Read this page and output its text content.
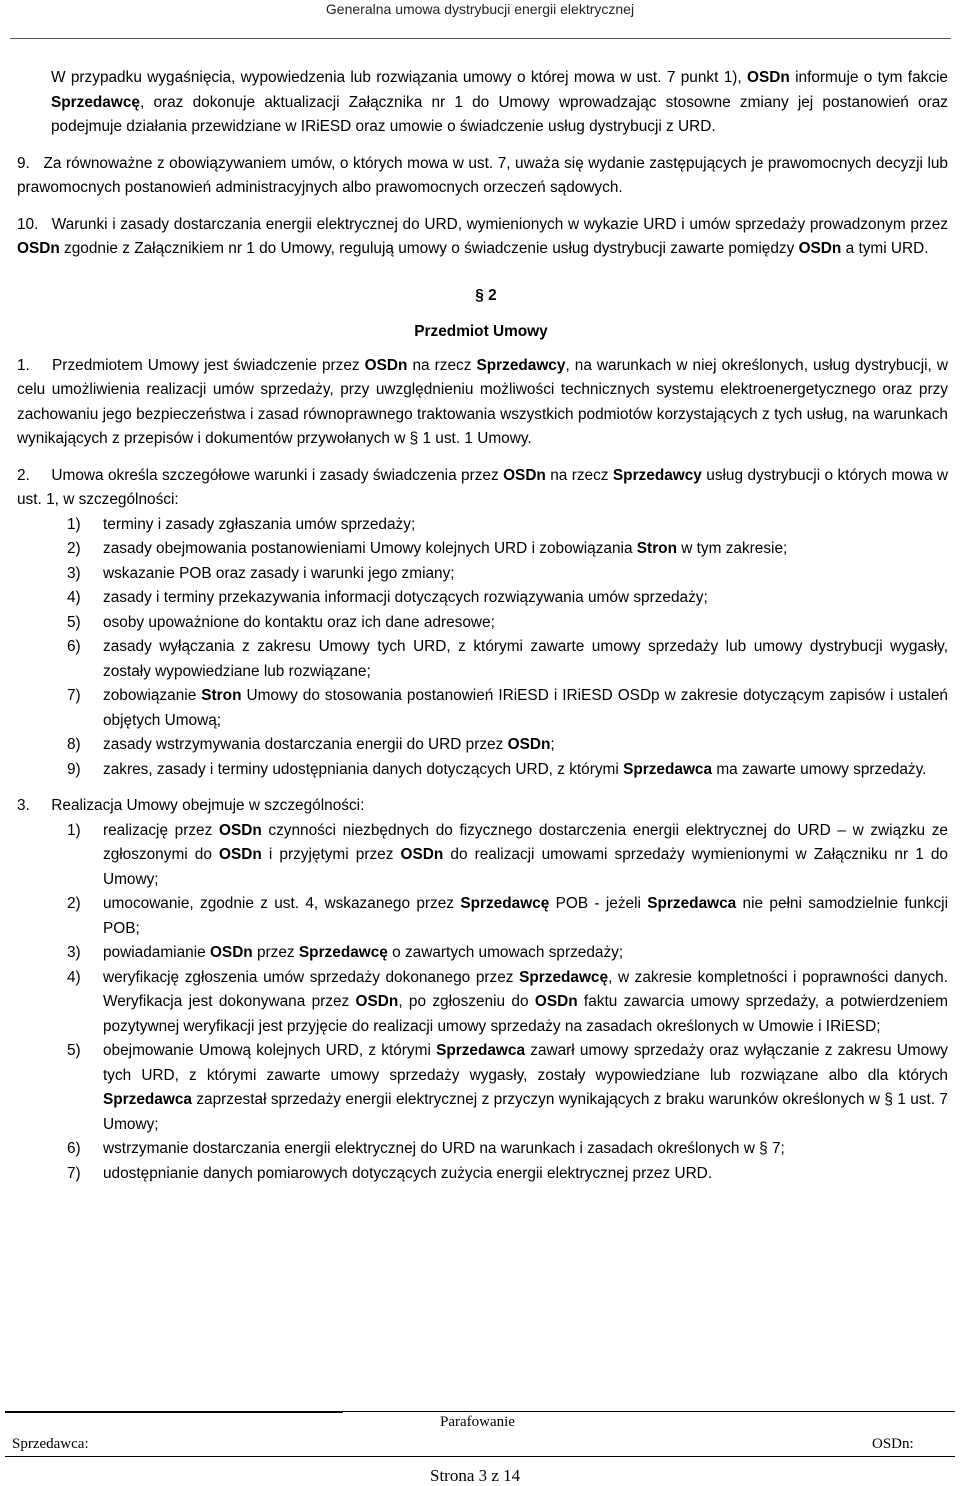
Generalna umowa dystrybucji energii elektrycznej
W przypadku wygaśnięcia, wypowiedzenia lub rozwiązania umowy o której mowa w ust. 7 punkt 1), OSDn informuje o tym fakcie Sprzedawcę, oraz dokonuje aktualizacji Załącznika nr 1 do Umowy wprowadzając stosowne zmiany jej postanowień oraz podejmuje działania przewidziane w IRiESD oraz umowie o świadczenie usług dystrybucji z URD.
9. Za równoważne z obowiązywaniem umów, o których mowa w ust. 7, uważa się wydanie zastępujących je prawomocnych decyzji lub prawomocnych postanowień administracyjnych albo prawomocnych orzeczeń sądowych.
10. Warunki i zasady dostarczania energii elektrycznej do URD, wymienionych w wykazie URD i umów sprzedaży prowadzonym przez OSDn zgodnie z Załącznikiem nr 1 do Umowy, regulują umowy o świadczenie usług dystrybucji zawarte pomiędzy OSDn a tymi URD.
§ 2
Przedmiot Umowy
1. Przedmiotem Umowy jest świadczenie przez OSDn na rzecz Sprzedawcy, na warunkach w niej określonych, usług dystrybucji, w celu umożliwienia realizacji umów sprzedaży, przy uwzględnieniu możliwości technicznych systemu elektroenergetycznego oraz przy zachowaniu jego bezpieczeństwa i zasad równoprawnego traktowania wszystkich podmiotów korzystających z tych usług, na warunkach wynikających z przepisów i dokumentów przywołanych w § 1 ust. 1 Umowy.
2. Umowa określa szczegółowe warunki i zasady świadczenia przez OSDn na rzecz Sprzedawcy usług dystrybucji o których mowa w ust. 1, w szczególności:
1) terminy i zasady zgłaszania umów sprzedaży;
2) zasady obejmowania postanowieniami Umowy kolejnych URD i zobowiązania Stron w tym zakresie;
3) wskazanie POB oraz zasady i warunki jego zmiany;
4) zasady i terminy przekazywania informacji dotyczących rozwiązywania umów sprzedaży;
5) osoby upoważnione do kontaktu oraz ich dane adresowe;
6) zasady wyłączania z zakresu Umowy tych URD, z którymi zawarte umowy sprzedaży lub umowy dystrybucji wygasły, zostały wypowiedziane lub rozwiązane;
7) zobowiązanie Stron Umowy do stosowania postanowień IRiESD i IRiESD OSDp w zakresie dotyczącym zapisów i ustaleń objętych Umową;
8) zasady wstrzymywania dostarczania energii do URD przez OSDn;
9) zakres, zasady i terminy udostępniania danych dotyczących URD, z którymi Sprzedawca ma zawarte umowy sprzedaży.
3. Realizacja Umowy obejmuje w szczególności:
1) realizację przez OSDn czynności niezbędnych do fizycznego dostarczenia energii elektrycznej do URD – w związku ze zgłoszonymi do OSDn i przyjętymi przez OSDn do realizacji umowami sprzedaży wymienionymi w Załączniku nr 1 do Umowy;
2) umocowanie, zgodnie z ust. 4, wskazanego przez Sprzedawcę POB - jeżeli Sprzedawca nie pełni samodzielnie funkcji POB;
3) powiadamianie OSDn przez Sprzedawcę o zawartych umowach sprzedaży;
4) weryfikację zgłoszenia umów sprzedaży dokonanego przez Sprzedawcę, w zakresie kompletności i poprawności danych. Weryfikacja jest dokonywana przez OSDn, po zgłoszeniu do OSDn faktu zawarcia umowy sprzedaży, a potwierdzeniem pozytywnej weryfikacji jest przyjęcie do realizacji umowy sprzedaży na zasadach określonych w Umowie i IRiESD;
5) obejmowanie Umową kolejnych URD, z którymi Sprzedawca zawarł umowy sprzedaży oraz wyłączanie z zakresu Umowy tych URD, z którymi zawarte umowy sprzedaży wygasły, zostały wypowiedziane lub rozwiązane albo dla których Sprzedawca zaprzestał sprzedaży energii elektrycznej z przyczyn wynikających z braku warunków określonych w § 1 ust. 7 Umowy;
6) wstrzymanie dostarczania energii elektrycznej do URD na warunkach i zasadach określonych w § 7;
7) udostępnianie danych pomiarowych dotyczących zużycia energii elektrycznej przez URD.
Parafowanie
Sprzedawca:	OSDn:
Strona 3 z 14
